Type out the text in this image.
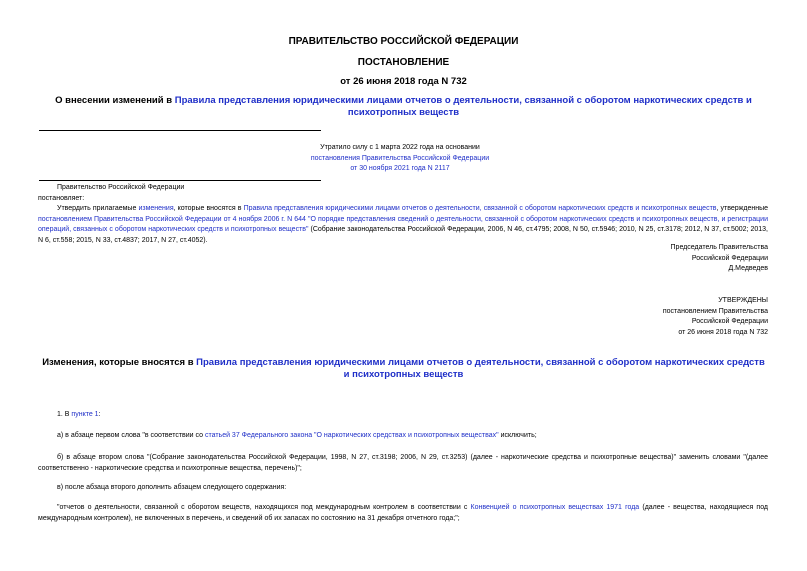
ПРАВИТЕЛЬСТВО РОССИЙСКОЙ ФЕДЕРАЦИИ
ПОСТАНОВЛЕНИЕ
от 26 июня 2018 года N 732
О внесении изменений в Правила представления юридическими лицами отчетов о деятельности, связанной с оборотом наркотических средств и психотропных веществ
Утратило силу с 1 марта 2022 года на основании
постановления Правительства Российской Федерации
от 30 ноября 2021 года N 2117
Правительство Российской Федерации
постановляет:
Утвердить прилагаемые изменения, которые вносятся в Правила представления юридическими лицами отчетов о деятельности, связанной с оборотом наркотических средств и психотропных веществ, утвержденные постановлением Правительства Российской Федерации от 4 ноября 2006 г. N 644 "О порядке представления сведений о деятельности, связанной с оборотом наркотических средств и психотропных веществ, и регистрации операций, связанных с оборотом наркотических средств и психотропных веществ" (Собрание законодательства Российской Федерации, 2006, N 46, ст.4795; 2008, N 50, ст.5946; 2010, N 25, ст.3178; 2012, N 37, ст.5002; 2013, N 6, ст.558; 2015, N 33, ст.4837; 2017, N 27, ст.4052).
Председатель Правительства
Российской Федерации
Д.Медведев
УТВЕРЖДЕНЫ
постановлением Правительства
Российской Федерации
от 26 июня 2018 года N 732
Изменения, которые вносятся в Правила представления юридическими лицами отчетов о деятельности, связанной с оборотом наркотических средств и психотропных веществ
1. В пункте 1:
а) в абзаце первом слова "в соответствии со статьей 37 Федерального закона "О наркотических средствах и психотропных веществах" исключить;
б) в абзаце втором слова "(Собрание законодательства Российской Федерации, 1998, N 27, ст.3198; 2006, N 29, ст.3253) (далее - наркотические средства и психотропные вещества)" заменить словами "(далее соответственно - наркотические средства и психотропные вещества, перечень)";
в) после абзаца второго дополнить абзацем следующего содержания:
"отчетов о деятельности, связанной с оборотом веществ, находящихся под международным контролем в соответствии с Конвенцией о психотропных веществах 1971 года (далее - вещества, находящиеся под международным контролем), не включенных в перечень, и сведений об их запасах по состоянию на 31 декабря отчетного года;";
